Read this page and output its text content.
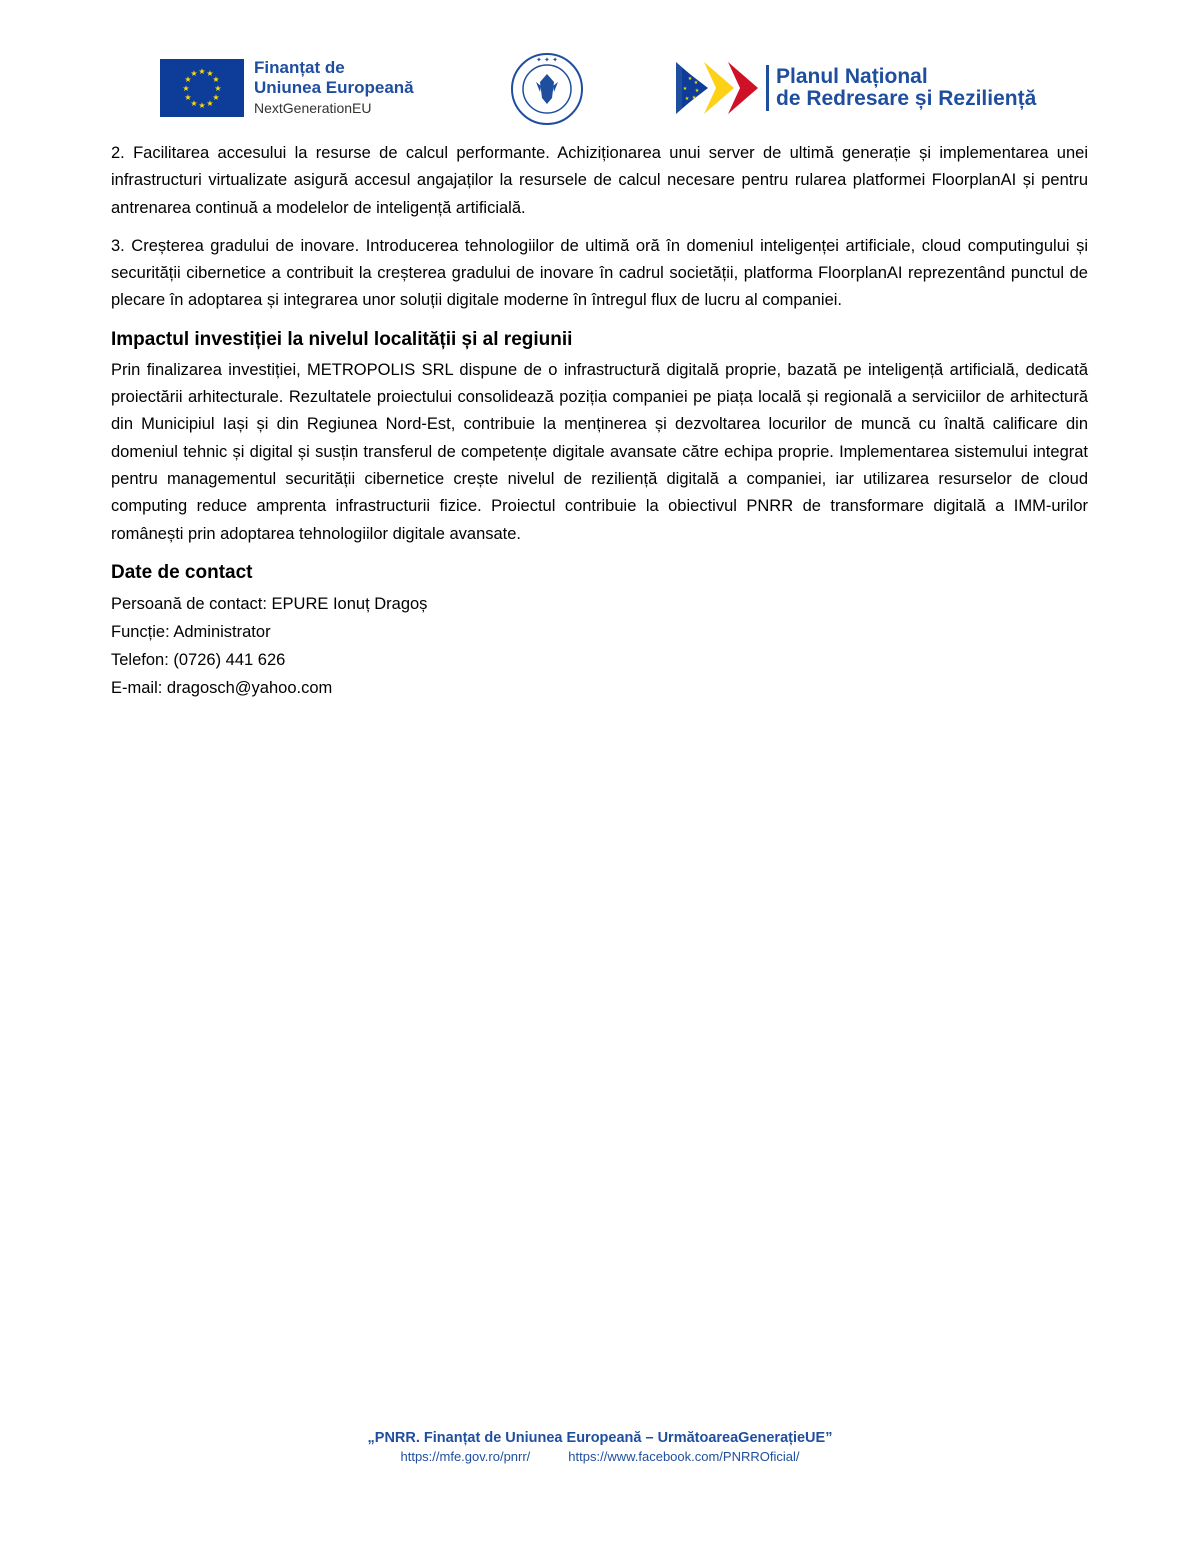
★ ★
★
★
★
★
★
★
★
★
★
★	Finanțat de
Uniunea Europeană
NextGenerationEU
✦ ✦ ✦
★
★
★
★
★
★
Planul Național
de Redresare și Reziliență

2. Facilitarea accesului la resurse de calcul performante. Achiziționarea unui server de ultimă generație și implementarea unei infrastructuri virtualizate asigură accesul angajaților la resursele de calcul necesare pentru rularea platformei FloorplanAI și pentru antrenarea continuă a modelelor de inteligență artificială.

3. Creșterea gradului de inovare. Introducerea tehnologiilor de ultimă oră în domeniul inteligenței artificiale, cloud computingului și securității cibernetice a contribuit la creșterea gradului de inovare în cadrul societății, platforma FloorplanAI reprezentând punctul de plecare în adoptarea și integrarea unor soluții digitale moderne în întregul flux de lucru al companiei.

Impactul investiției la nivelul localității și al regiunii

Prin finalizarea investiției, METROPOLIS SRL dispune de o infrastructură digitală proprie, bazată pe inteligență artificială, dedicată proiectării arhitecturale. Rezultatele proiectului consolidează poziția companiei pe piața locală și regională a serviciilor de arhitectură din Municipiul Iași și din Regiunea Nord-Est, contribuie la menținerea și dezvoltarea locurilor de muncă cu înaltă calificare din domeniul tehnic și digital și susțin transferul de competențe digitale avansate către echipa proprie. Implementarea sistemului integrat pentru managementul securității cibernetice crește nivelul de reziliență digitală a companiei, iar utilizarea resurselor de cloud computing reduce amprenta infrastructurii fizice. Proiectul contribuie la obiectivul PNRR de transformare digitală a IMM-urilor românești prin adoptarea tehnologiilor digitale avansate.

Date de contact

Persoană de contact: EPURE Ionuț Dragoș

Funcție: Administrator

Telefon: (0726) 441 626

E-mail: dragosch@yahoo.com

„PNRR. Finanțat de Uniunea Europeană – UrmătoareaGenerațieUE”
https://mfe.gov.ro/pnrr/	https://www.facebook.com/PNRROficial/
